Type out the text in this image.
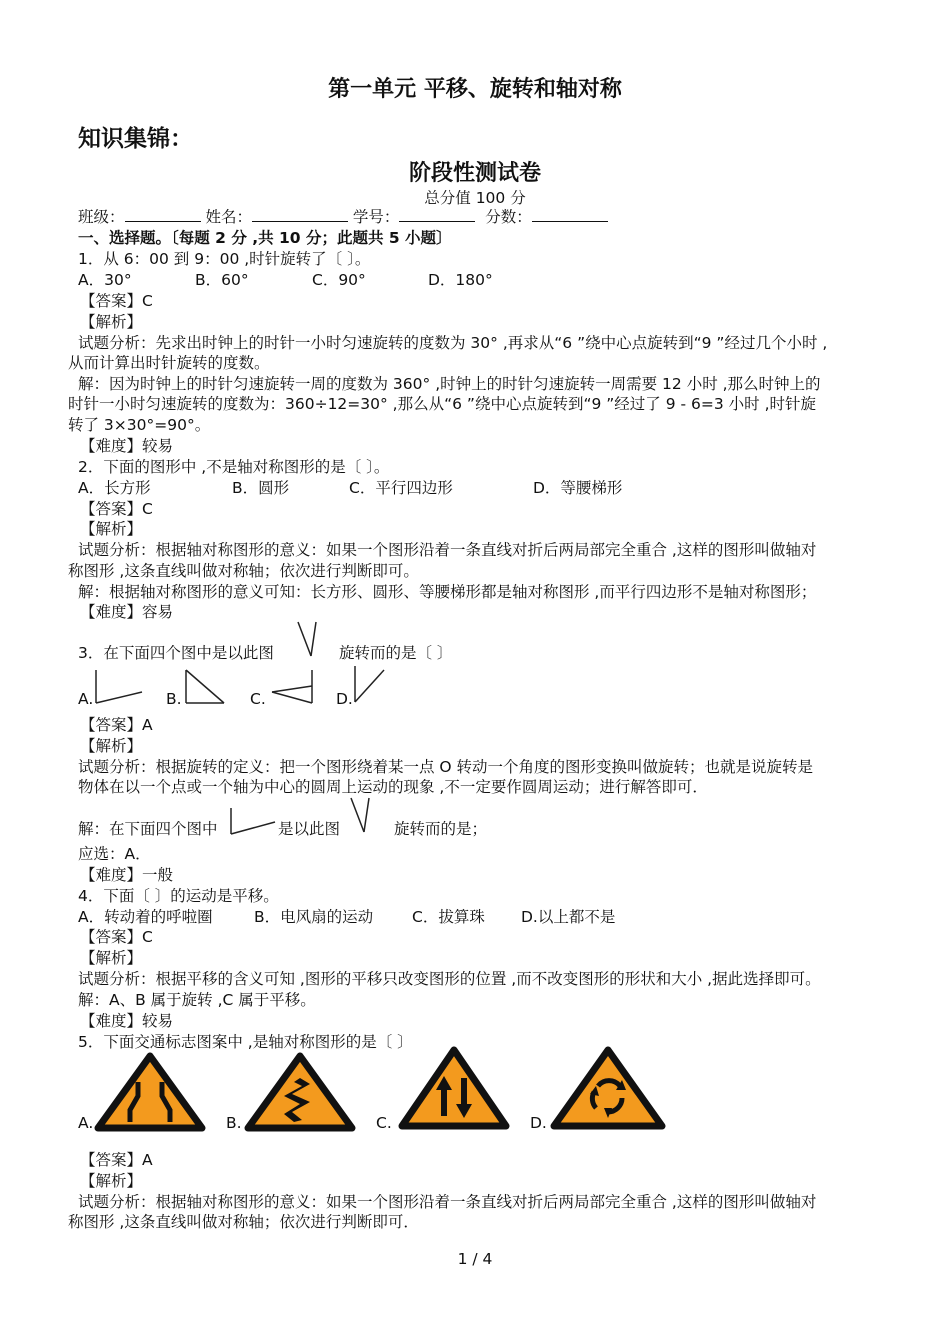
第一单元 平移、旋转和轴对称
知识集锦：
阶段性测试卷
总分值 100 分
班级：	姓名：	学号：	分数：
一、选择题。〔每题 2 分 ,共 10 分；此题共 5 小题〕
1．从 6：00 到 9：00 ,时针旋转了〔 〕。
A．30°	B．60°	C．90°	D．180°
【答案】C
【解析】
试题分析：先求出时钟上的时针一小时匀速旋转的度数为 30° ,再求从“6 ”绕中心点旋转到“9 ”经过几个小时 ,
从而计算出时针旋转的度数。
解：因为时钟上的时针匀速旋转一周的度数为 360° ,时钟上的时针匀速旋转一周需要 12 小时 ,那么时钟上的
时针一小时匀速旋转的度数为：360÷12=30° ,那么从“6 ”绕中心点旋转到“9 ”经过了 9 - 6=3 小时 ,时针旋
转了 3×30°=90°。
【难度】较易
2．下面的图形中 ,不是轴对称图形的是〔 〕。
A．长方形	B．圆形	C．平行四边形	D．等腰梯形
【答案】C
【解析】
试题分析：根据轴对称图形的意义：如果一个图形沿着一条直线对折后两局部完全重合 ,这样的图形叫做轴对
称图形 ,这条直线叫做对称轴；依次进行判断即可。
解：根据轴对称图形的意义可知：长方形、圆形、等腰梯形都是轴对称图形 ,而平行四边形不是轴对称图形；
【难度】容易
3．在下面四个图中是以此图	旋转而的是〔 〕
A.	B.	C.	D.
【答案】A
【解析】
试题分析：根据旋转的定义：把一个图形绕着某一点 O 转动一个角度的图形变换叫做旋转；也就是说旋转是
物体在以一个点或一个轴为中心的圆周上运动的现象 ,不一定要作圆周运动；进行解答即可．
解：在下面四个图中	是以此图	旋转而的是；
应选：A．
【难度】一般
4．下面〔 〕的运动是平移。
A．转动着的呼啦圈	B．电风扇的运动	C．拔算珠 D.以上都不是
【答案】C
【解析】
试题分析：根据平移的含义可知 ,图形的平移只改变图形的位置 ,而不改变图形的形状和大小 ,据此选择即可。
解：A、B 属于旋转 ,C 属于平移。
【难度】较易
5．下面交通标志图案中 ,是轴对称图形的是〔 〕
A.	B.	C.	D.
【答案】A
【解析】
试题分析：根据轴对称图形的意义：如果一个图形沿着一条直线对折后两局部完全重合 ,这样的图形叫做轴对
称图形 ,这条直线叫做对称轴；依次进行判断即可．
1 / 4
